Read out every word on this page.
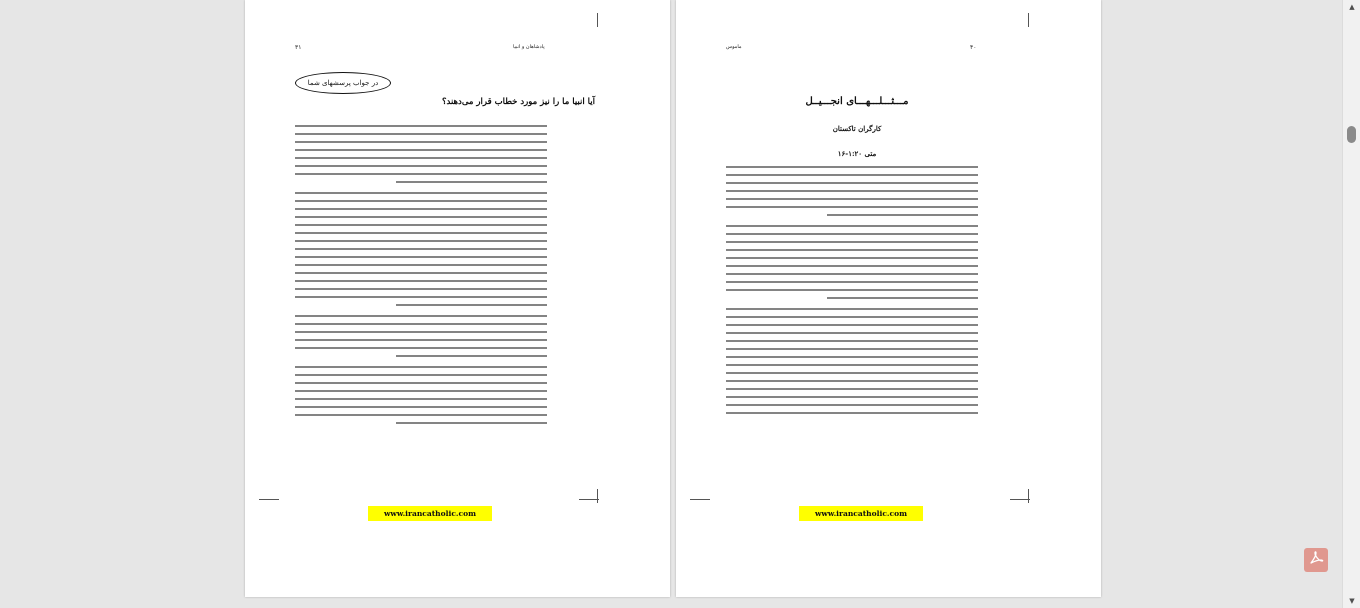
۳۱	پادشاهان و انبیا
در جواب پرسشهای شما
آیا انبیا ما را نیز مورد خطاب قرار می‌دهند؟
www.irancatholic.com
ماموس	۴۰
مـــثـــلـــهـــای انجـــیــل
کارگران تاکستان
متی ۱:۲۰-۱۶
www.irancatholic.com
▲
▼
